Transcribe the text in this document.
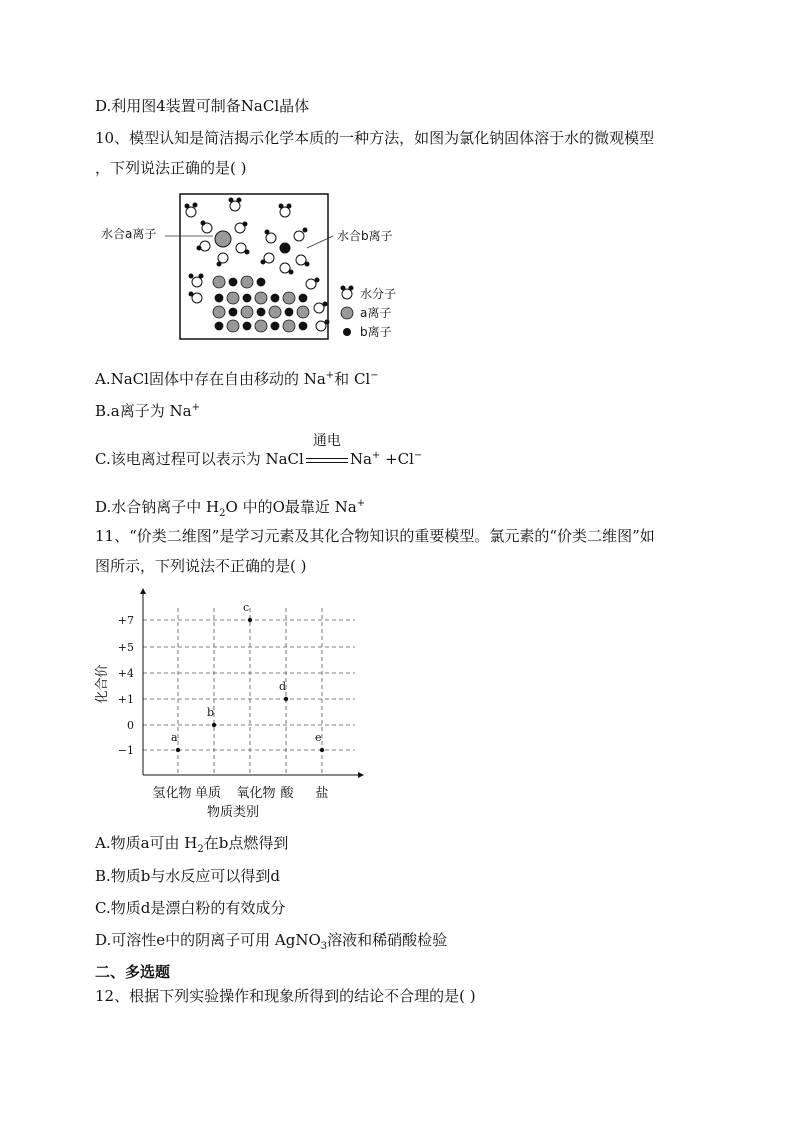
D.利用图4装置可制备NaCl晶体
10、模型认知是简洁揭示化学本质的一种方法，如图为氯化钠固体溶于水的微观模型
，下列说法正确的是( )
水合a离子	水合b离子
水分子
a离子
b离子
A.NaCl固体中存在自由移动的 Na+和 Cl−
B.a离子为 Na+
C.该电离过程可以表示为 NaCl
通电
Na+ +Cl−
D.水合钠离子中 $H_2O$ 中的O最靠近 Na+
11、“价类二维图”是学习元素及其化合物知识的重要模型。氯元素的“价类二维图”如
图所示，下列说法不正确的是( )
+7
+5
+4
+1
0
−1
氢化物 单质 氧化物 酸 盐
a
b
c
d
e
化合价
物质类别
A.物质a可由 $H_2$在b点燃得到
B.物质b与水反应可以得到d
C.物质d是漂白粉的有效成分
D.可溶性e中的阴离子可用 AgNO$_3$溶液和稀硝酸检验
二、多选题
12、根据下列实验操作和现象所得到的结论不合理的是( )
